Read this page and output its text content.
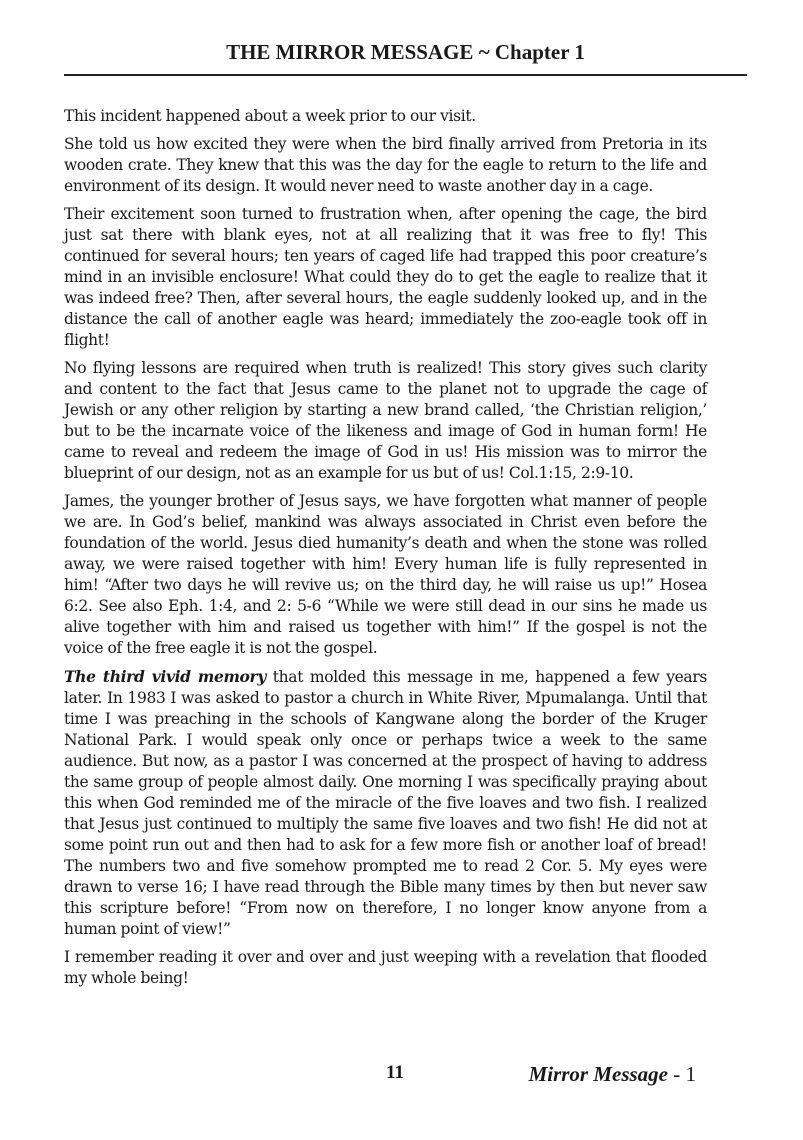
THE MIRROR MESSAGE ~ Chapter 1

This incident happened about a week prior to our visit.

She told us how excited they were when the bird finally arrived from Pretoria in its wooden crate. They knew that this was the day for the eagle to return to the life and environment of its design. It would never need to waste another day in a cage.

Their excitement soon turned to frustration when, after opening the cage, the bird just sat there with blank eyes, not at all realizing that it was free to fly! This continued for several hours; ten years of caged life had trapped this poor creature’s mind in an invisible enclosure! What could they do to get the eagle to realize that it was indeed free? Then, after several hours, the eagle suddenly looked up, and in the distance the call of another eagle was heard; immediately the zoo-eagle took off in flight!

No flying lessons are required when truth is realized! This story gives such clarity and content to the fact that Jesus came to the planet not to upgrade the cage of Jewish or any other religion by starting a new brand called, ‘the Christian religion,’ but to be the incarnate voice of the likeness and image of God in human form! He came to reveal and redeem the image of God in us! His mission was to mirror the blueprint of our design, not as an example for us but of us! Col.1:15, 2:9-10.

James, the younger brother of Jesus says, we have forgotten what manner of people we are. In God’s belief, mankind was always associated in Christ even before the foundation of the world. Jesus died humanity’s death and when the stone was rolled away, we were raised together with him! Every human life is fully represented in him! “After two days he will revive us; on the third day, he will raise us up!” Hosea 6:2. See also Eph. 1:4, and 2: 5-6 “While we were still dead in our sins he made us alive together with him and raised us together with him!” If the gospel is not the voice of the free eagle it is not the gospel.

The third vivid memory that molded this message in me, happened a few years later. In 1983 I was asked to pastor a church in White River, Mpumalanga. Until that time I was preaching in the schools of Kangwane along the border of the Kruger National Park. I would speak only once or perhaps twice a week to the same audience. But now, as a pastor I was concerned at the prospect of having to address the same group of people almost daily. One morning I was specifically praying about this when God reminded me of the miracle of the five loaves and two fish. I realized that Jesus just continued to multiply the same five loaves and two fish! He did not at some point run out and then had to ask for a few more fish or another loaf of bread! The numbers two and five somehow prompted me to read 2 Cor. 5. My eyes were drawn to verse 16; I have read through the Bible many times by then but never saw this scripture before! “From now on therefore, I no longer know anyone from a human point of view!”

I remember reading it over and over and just weeping with a revelation that flooded my whole being!

11	Mirror Message - 1
